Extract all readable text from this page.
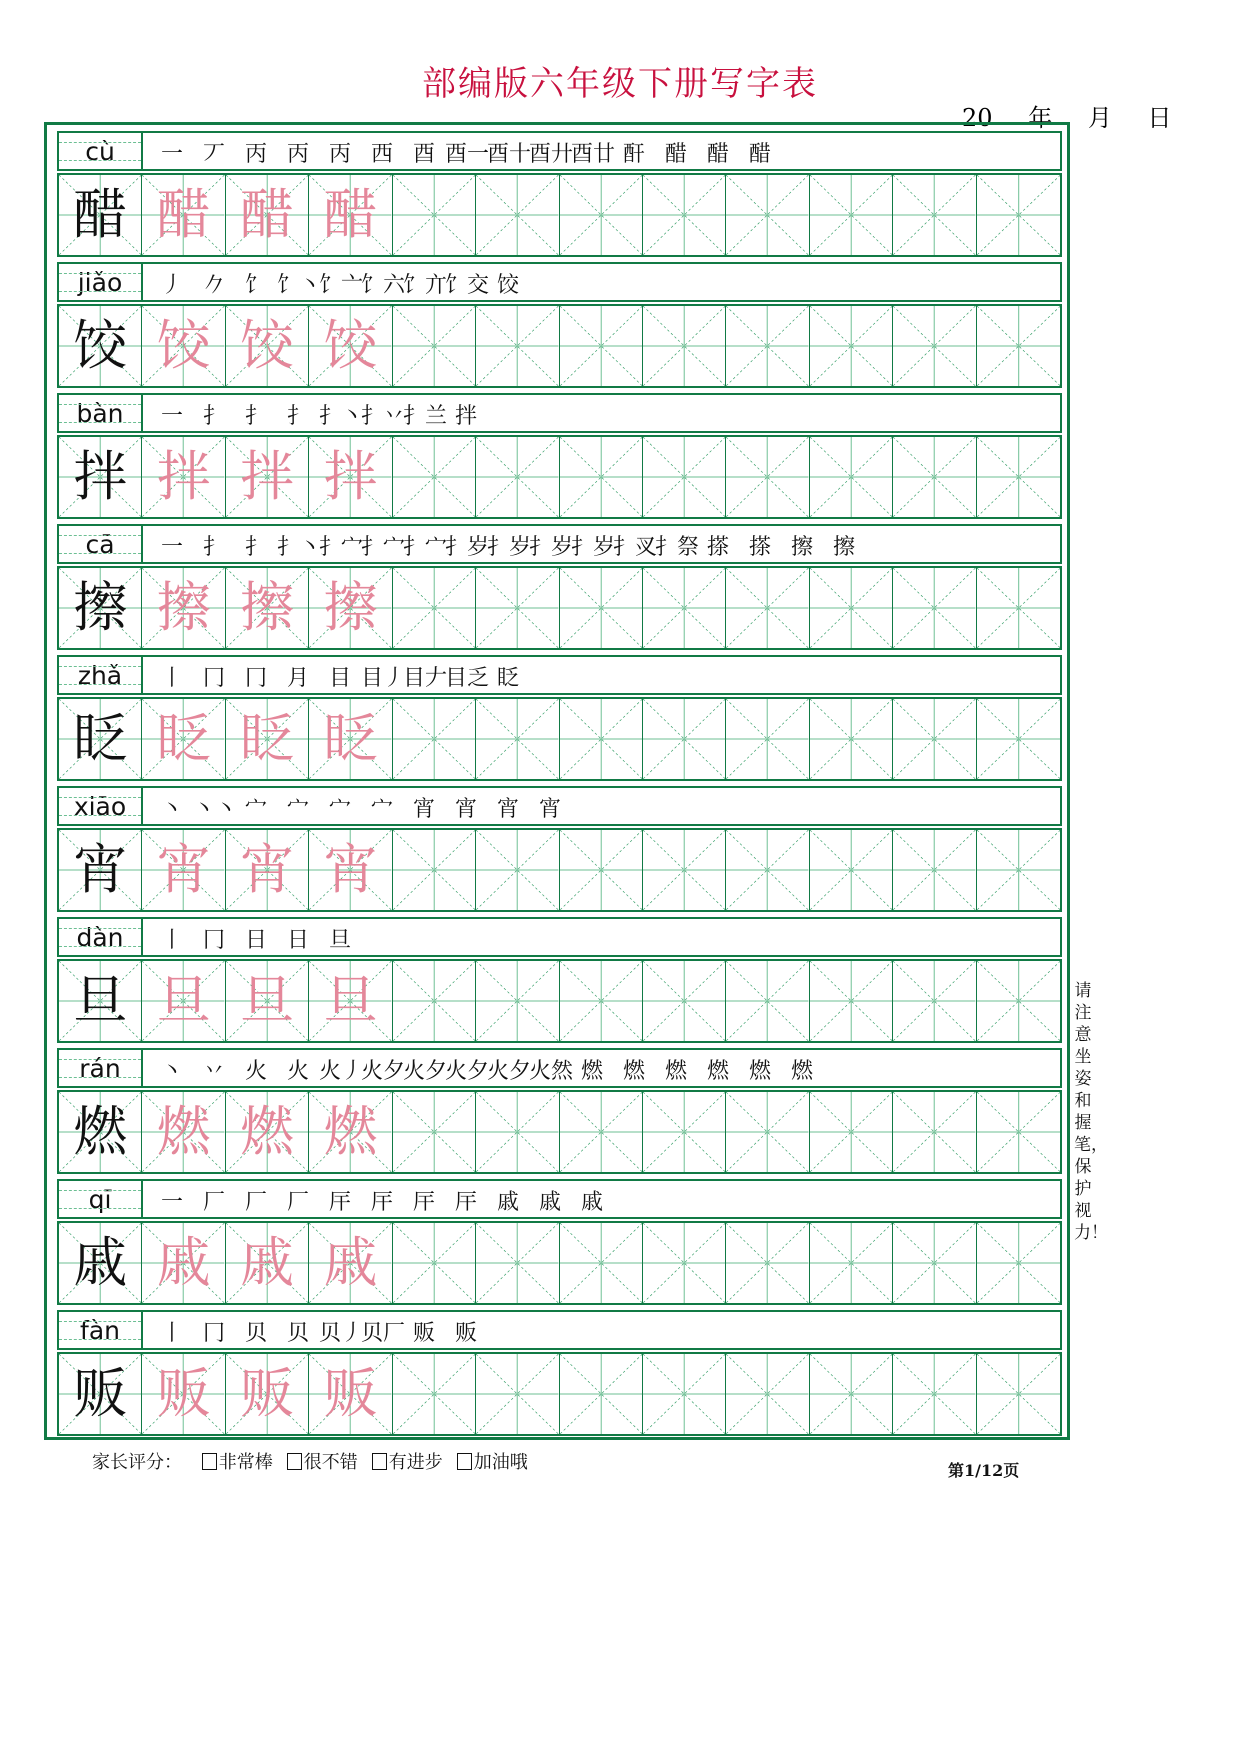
部编版六年级下册写字表
20 年 月 日
cù	一 丆 丙 丙 丙 西 酉 酉一酉十酉廾酉廿 酐 醋 醋 醋
醋 醋 醋 醋
jiǎo	丿 𠂊 饣 饣丶饣亠饣六饣亣饣交 饺
饺 饺 饺 饺
bàn	一 扌 扌 扌 扌丶扌丷扌兰 拌
拌 拌 拌 拌
cā	一 扌 扌 扌丶扌宀扌宀扌宀扌岁扌岁扌岁扌岁扌㕚扌祭 搽 搽 擦 擦
擦 擦 擦 擦
zhǎ	丨 冂 冂 月 目 目丿目𠂇目乏 眨
眨 眨 眨 眨
xiāo	丶 丶丶 宀 宀 宀 宀 宵 宵 宵 宵
宵 宵 宵 宵
dàn	丨 冂 日 日 旦
旦 旦 旦 旦
rán	丶 丷 火 火 火丿火夕火夕火夕火夕火然 燃 燃 燃 燃 燃 燃
燃 燃 燃 燃
qī	一 厂 厂 厂 厈 厈 厈 厈 戚 戚 戚
戚 戚 戚 戚
fàn	丨 冂 贝 贝 贝丿贝厂 贩 贩
贩 贩 贩 贩
请注意坐姿和握笔，保护视力！
家长评分： 非常棒 很不错 有进步 加油哦	第1/12页
